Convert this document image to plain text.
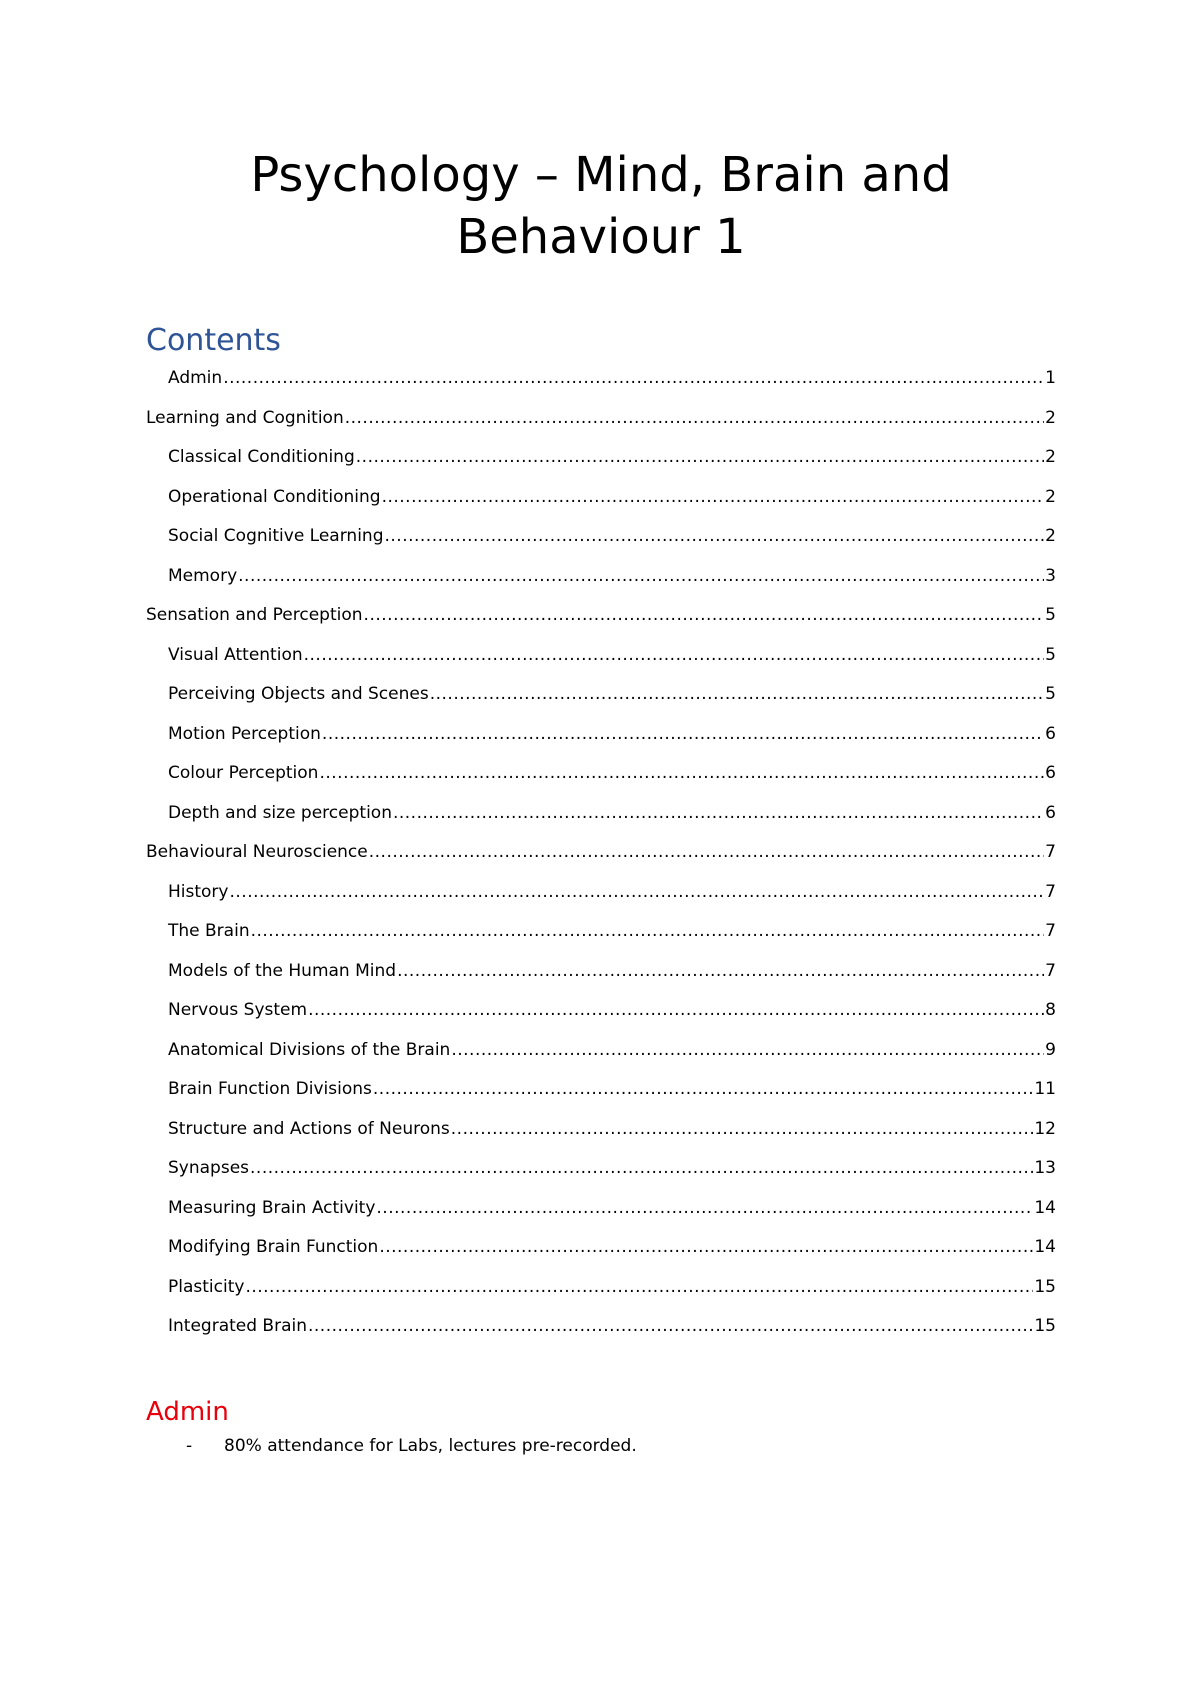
Psychology – Mind, Brain and
Behaviour 1
Contents
Admin .....	1
Learning and Cognition .....	2
Classical Conditioning .....	2
Operational Conditioning .....	2
Social Cognitive Learning .....	2
Memory .....	3
Sensation and Perception .....	5
Visual Attention .....	5
Perceiving Objects and Scenes .....	5
Motion Perception .....	6
Colour Perception .....	6
Depth and size perception .....	6
Behavioural Neuroscience .....	7
History .....	7
The Brain .....	7
Models of the Human Mind .....	7
Nervous System .....	8
Anatomical Divisions of the Brain .....	9
Brain Function Divisions .....	11
Structure and Actions of Neurons .....	12
Synapses .....	13
Measuring Brain Activity .....	14
Modifying Brain Function .....	14
Plasticity .....	15
Integrated Brain .....	15
Admin
-	80% attendance for Labs, lectures pre-recorded.
